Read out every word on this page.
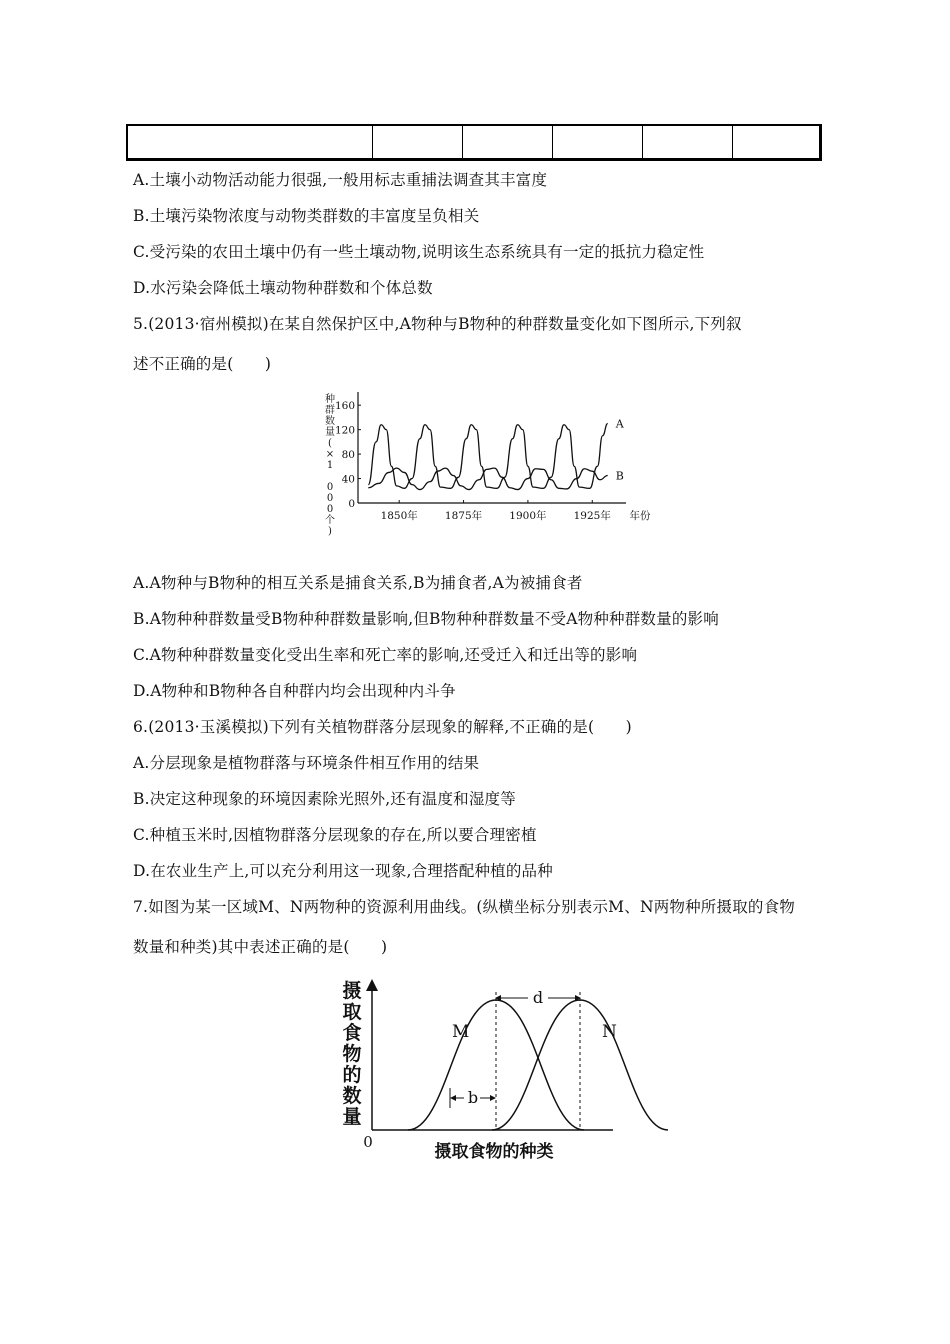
A.土壤小动物活动能力很强,一般用标志重捕法调查其丰富度

B.土壤污染物浓度与动物类群数的丰富度呈负相关

C.受污染的农田土壤中仍有一些土壤动物,说明该生态系统具有一定的抵抗力稳定性

D.水污染会降低土壤动物种群数和个体总数

5.(2013·宿州模拟)在某自然保护区中,A物种与B物种的种群数量变化如下图所示,下列叙

述不正确的是(　　)

种
群
数
量
(
×
1
0
0
0
个
)
0
40
80
120
160
1850年	1875年	1900年	1925年 年份
A
B

A.A物种与B物种的相互关系是捕食关系,B为捕食者,A为被捕食者

B.A物种种群数量受B物种种群数量影响,但B物种种群数量不受A物种种群数量的影响

C.A物种种群数量变化受出生率和死亡率的影响,还受迁入和迁出等的影响

D.A物种和B物种各自种群内均会出现种内斗争

6.(2013·玉溪模拟)下列有关植物群落分层现象的解释,不正确的是(　　)

A.分层现象是植物群落与环境条件相互作用的结果

B.决定这种现象的环境因素除光照外,还有温度和湿度等

C.种植玉米时,因植物群落分层现象的存在,所以要合理密植

D.在农业生产上,可以充分利用这一现象,合理搭配种植的品种

7.如图为某一区域M、N两物种的资源利用曲线。(纵横坐标分别表示M、N两物种所摄取的食物

数量和种类)其中表述正确的是(　　)

摄
取
食
物
的
数
量
0	摄取食物的种类
M	N
d
b
